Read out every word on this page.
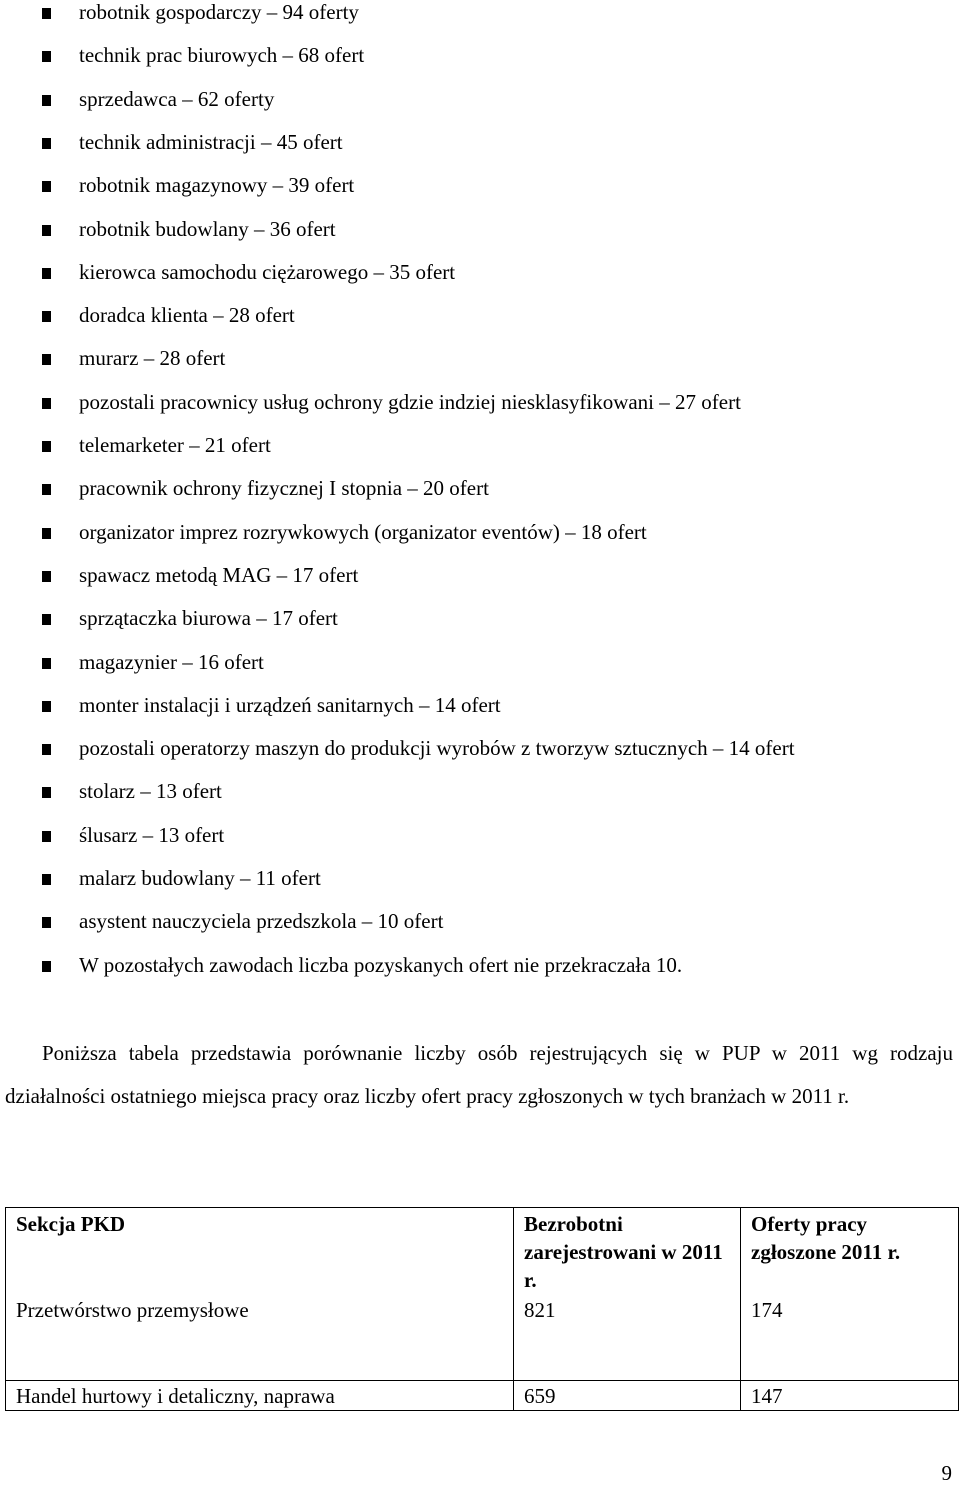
robotnik gospodarczy – 94 oferty
technik prac biurowych – 68 ofert
sprzedawca – 62 oferty
technik administracji – 45 ofert
robotnik magazynowy – 39 ofert
robotnik budowlany – 36 ofert
kierowca samochodu ciężarowego – 35 ofert
doradca klienta – 28 ofert
murarz – 28 ofert
pozostali pracownicy usług ochrony gdzie indziej niesklasyfikowani – 27 ofert
telemarketer – 21 ofert
pracownik ochrony fizycznej I stopnia – 20 ofert
organizator imprez rozrywkowych (organizator eventów) – 18 ofert
spawacz metodą MAG – 17 ofert
sprzątaczka biurowa – 17 ofert
magazynier – 16 ofert
monter instalacji i urządzeń sanitarnych – 14 ofert
pozostali operatorzy maszyn do produkcji wyrobów z tworzyw sztucznych – 14 ofert
stolarz – 13 ofert
ślusarz – 13 ofert
malarz budowlany – 11 ofert
asystent nauczyciela przedszkola – 10 ofert
W pozostałych zawodach liczba pozyskanych ofert nie przekraczała 10.

Poniższa tabela przedstawia porównanie liczby osób rejestrujących się w PUP w 2011 wg rodzaju działalności ostatniego miejsca pracy oraz liczby ofert pracy zgłoszonych w tych branżach w 2011 r.

Sekcja PKD	Bezrobotni zarejestrowani w 2011 r.	Oferty pracy zgłoszone 2011 r.
Przetwórstwo przemysłowe	821	174
Handel hurtowy i detaliczny, naprawa	659	147
9
